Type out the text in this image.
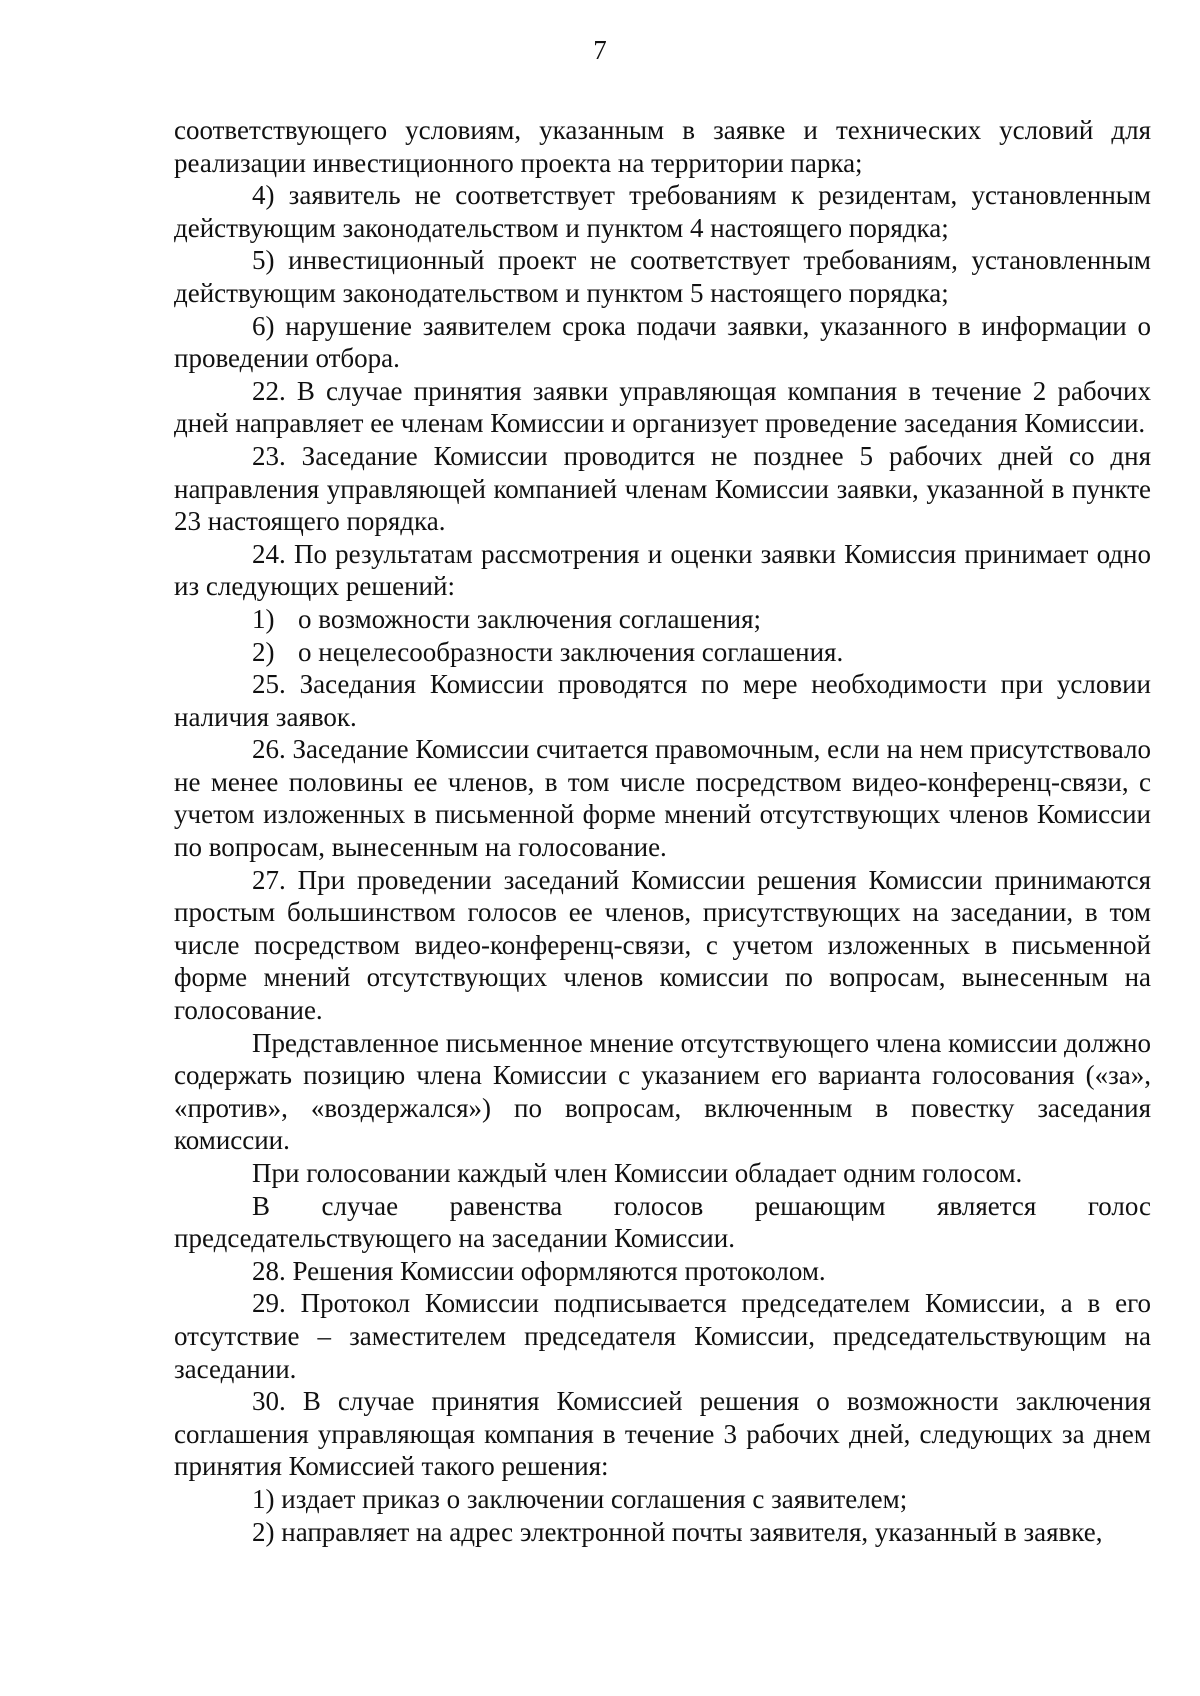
7

соответствующего условиям, указанным в заявке и технических условий для реализации инвестиционного проекта на территории парка;

4) заявитель не соответствует требованиям к резидентам, установленным действующим законодательством и пунктом 4 настоящего порядка;

5) инвестиционный проект не соответствует требованиям, установленным действующим законодательством и пунктом 5 настоящего порядка;

6) нарушение заявителем срока подачи заявки, указанного в информации о проведении отбора.

22. В случае принятия заявки управляющая компания в течение 2 рабочих дней направляет ее членам Комиссии и организует проведение заседания Комиссии.

23. Заседание Комиссии проводится не позднее 5 рабочих дней со дня направления управляющей компанией членам Комиссии заявки, указанной в пункте 23 настоящего порядка.

24. По результатам рассмотрения и оценки заявки Комиссия принимает одно из следующих решений:

1) о возможности заключения соглашения;

2) о нецелесообразности заключения соглашения.

25. Заседания Комиссии проводятся по мере необходимости при условии наличия заявок.

26. Заседание Комиссии считается правомочным, если на нем присутствовало не менее половины ее членов, в том числе посредством видео-конференц-связи, с учетом изложенных в письменной форме мнений отсутствующих членов Комиссии по вопросам, вынесенным на голосование.

27. При проведении заседаний Комиссии решения Комиссии принимаются простым большинством голосов ее членов, присутствующих на заседании, в том числе посредством видео-конференц-связи, с учетом изложенных в письменной форме мнений отсутствующих членов комиссии по вопросам, вынесенным на голосование.

Представленное письменное мнение отсутствующего члена комиссии должно содержать позицию члена Комиссии с указанием его варианта голосования («за», «против», «воздержался») по вопросам, включенным в повестку заседания комиссии.

При голосовании каждый член Комиссии обладает одним голосом.

В случае равенства голосов решающим является голос председательствующего на заседании Комиссии.

28. Решения Комиссии оформляются протоколом.

29. Протокол Комиссии подписывается председателем Комиссии, а в его отсутствие – заместителем председателя Комиссии, председательствующим на заседании.

30. В случае принятия Комиссией решения о возможности заключения соглашения управляющая компания в течение 3 рабочих дней, следующих за днем принятия Комиссией такого решения:

1) издает приказ о заключении соглашения с заявителем;

2) направляет на адрес электронной почты заявителя, указанный в заявке,
